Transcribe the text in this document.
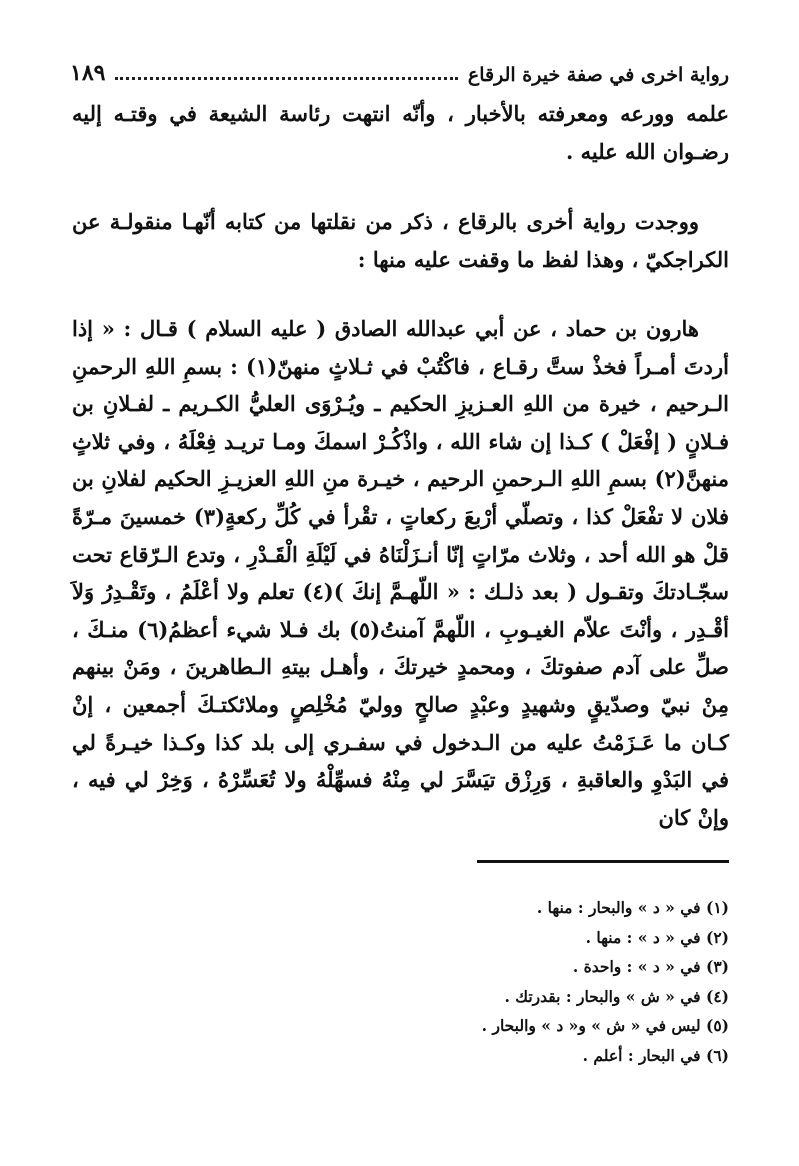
رواية اخرى في صفة خيرة الرقاع
١٨٩
علمه وورعه ومعرفته بالأخبار ، وأنّه انتهت رئاسة الشيعة في وقتـه إليه رضـوان الله عليه .
ووجدت رواية أخرى بالرقاع ، ذكر من نقلتها من كتابه أنّهـا منقولـة عن الكراجكيّ ، وهذا لفظ ما وقفت عليه منها :
هارون بن حماد ، عن أبي عبدالله الصادق ( عليه السلام ) قـال : « إذا أردتَ أمـراً فخذْ ستَّ رقـاع ، فاكْتُبْ في ثـلاثٍ منهنّ(١) : بسمِ اللهِ الرحمنِ الـرحيم ، خيرة من اللهِ العـزيزِ الحكيم ـ ويُـرْوَى العليُّ الكـريم ـ لفـلانِ بن فـلانٍ ( إفْعَلْ ) كـذا إن شاء الله ، واذْكُـرْ اسمكَ ومـا تريـد فِعْلَهُ ، وفي ثلاثٍ منهنَّ(٢) بسمِ اللهِ الـرحمنِ الرحيم ، خيـرة منِ اللهِ العزيـزِ الحكيم لفلانِ بن فلان لا تفْعَلْ كذا ، وتصلّي أرْبعَ ركعاتٍ ، تقْرأ في كُلِّ ركعةٍ(٣) خمسينَ مـرّةً قلْ هو الله أحد ، وثلاث مرّاتٍ إنّا أنـزَلْنَاهُ في لَيْلَةِ الْقَـدْرِ ، وتدع الـرّقاع تحت سجّـادتكَ وتقـول ( بعد ذلـك : « اللّهـمَّ إنكَ )(٤) تعلم ولا أعْلَمُ ، وتَقْـدِرُ وَلاَ أقْـدِر ، وأنْتَ علاّم الغيـوبِ ، اللّهمَّ آمنتُ(٥) بك فـلا شيء أعظمُ(٦) منـكَ ، صلِّ على آدم صفوتكَ ، ومحمدٍ خيرتكَ ، وأهـل بيتهِ الـطاهرينَ ، ومَنْ بينهم مِنْ نبيّ وصدّيقٍ وشهيدٍ وعبْدٍ صالحٍ ووليّ مُخْلِصٍ وملائكتـكَ أجمعين ، إنْ كـان ما عَـزَمْتُ عليه من الـدخول في سفـري إلى بلد كذا وكـذا خيـرةً لي في البَدْوِ والعاقبةِ ، وَرِزْق تيَسَّرَ لي مِنْهُ فسهِّلْهُ ولا تُعَسِّرْهُ ، وَخِرْ لي فيه ، وإنْ كان
(١) في « د » والبحار : منها .
(٢) في « د » : منها .
(٣) في « د » : واحدة .
(٤) في « ش » والبحار : بقدرتك .
(٥) ليس في « ش » و« د » والبحار .
(٦) في البحار : أعلم .
